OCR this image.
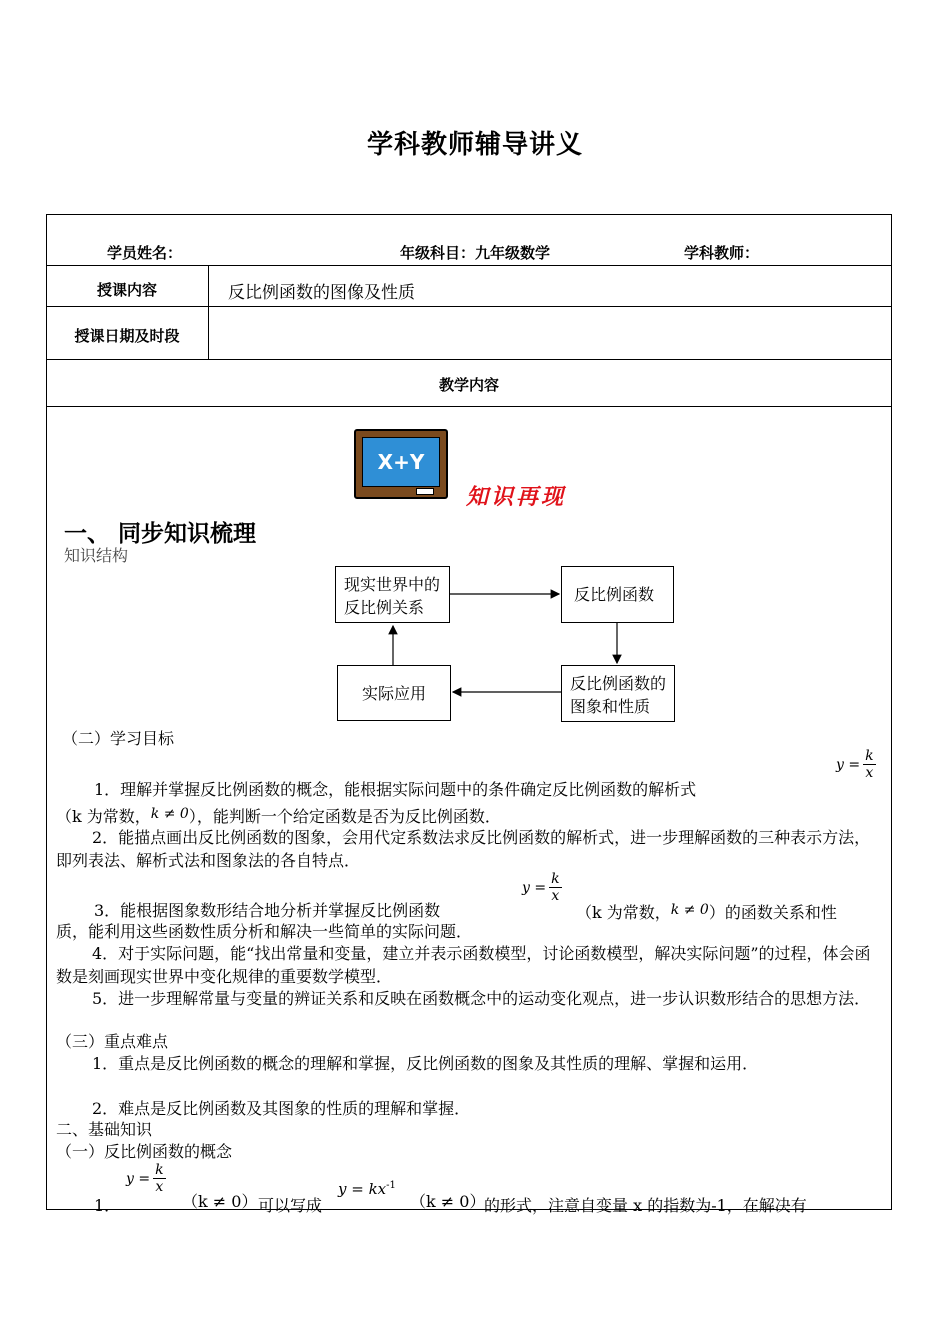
学科教师辅导讲义
学员姓名：	年级科目：九年级数学	学科教师：
授课内容	反比例函数的图像及性质
授课日期及时段
教学内容
X+Y
知识再现
一、 同步知识梳理
知识结构
现实世界中的反比例关系
反比例函数
反比例函数的图象和性质
实际应用
（二）学习目标
1．理解并掌握反比例函数的概念，能根据实际问题中的条件确定反比例函数的解析式
$y = \frac{k}{x}$
（k 为常数，k ≠ 0），能判断一个给定函数是否为反比例函数．
2．能描点画出反比例函数的图象，会用代定系数法求反比例函数的解析式，进一步理解函数的三种表示方法，即列表法、解析式法和图象法的各自特点．
3．能根据图象数形结合地分析并掌握反比例函数
$y = \frac{k}{x}$
（k 为常数，k ≠ 0）的函数关系和性
质，能利用这些函数性质分析和解决一些简单的实际问题．
4．对于实际问题，能“找出常量和变量，建立并表示函数模型，讨论函数模型，解决实际问题”的过程，体会函数是刻画现实世界中变化规律的重要数学模型．
5．进一步理解常量与变量的辨证关系和反映在函数概念中的运动变化观点，进一步认识数形结合的思想方法．
（三）重点难点
1．重点是反比例函数的概念的理解和掌握，反比例函数的图象及其性质的理解、掌握和运用．
2．难点是反比例函数及其图象的性质的理解和掌握．
二、基础知识
（一）反比例函数的概念
1．
$y = \frac{k}{x}$
（k ≠ 0） 可以写成
$y = kx^{-1}$
（k ≠ 0）
的形式，注意自变量 x 的指数为-1，在解决有
